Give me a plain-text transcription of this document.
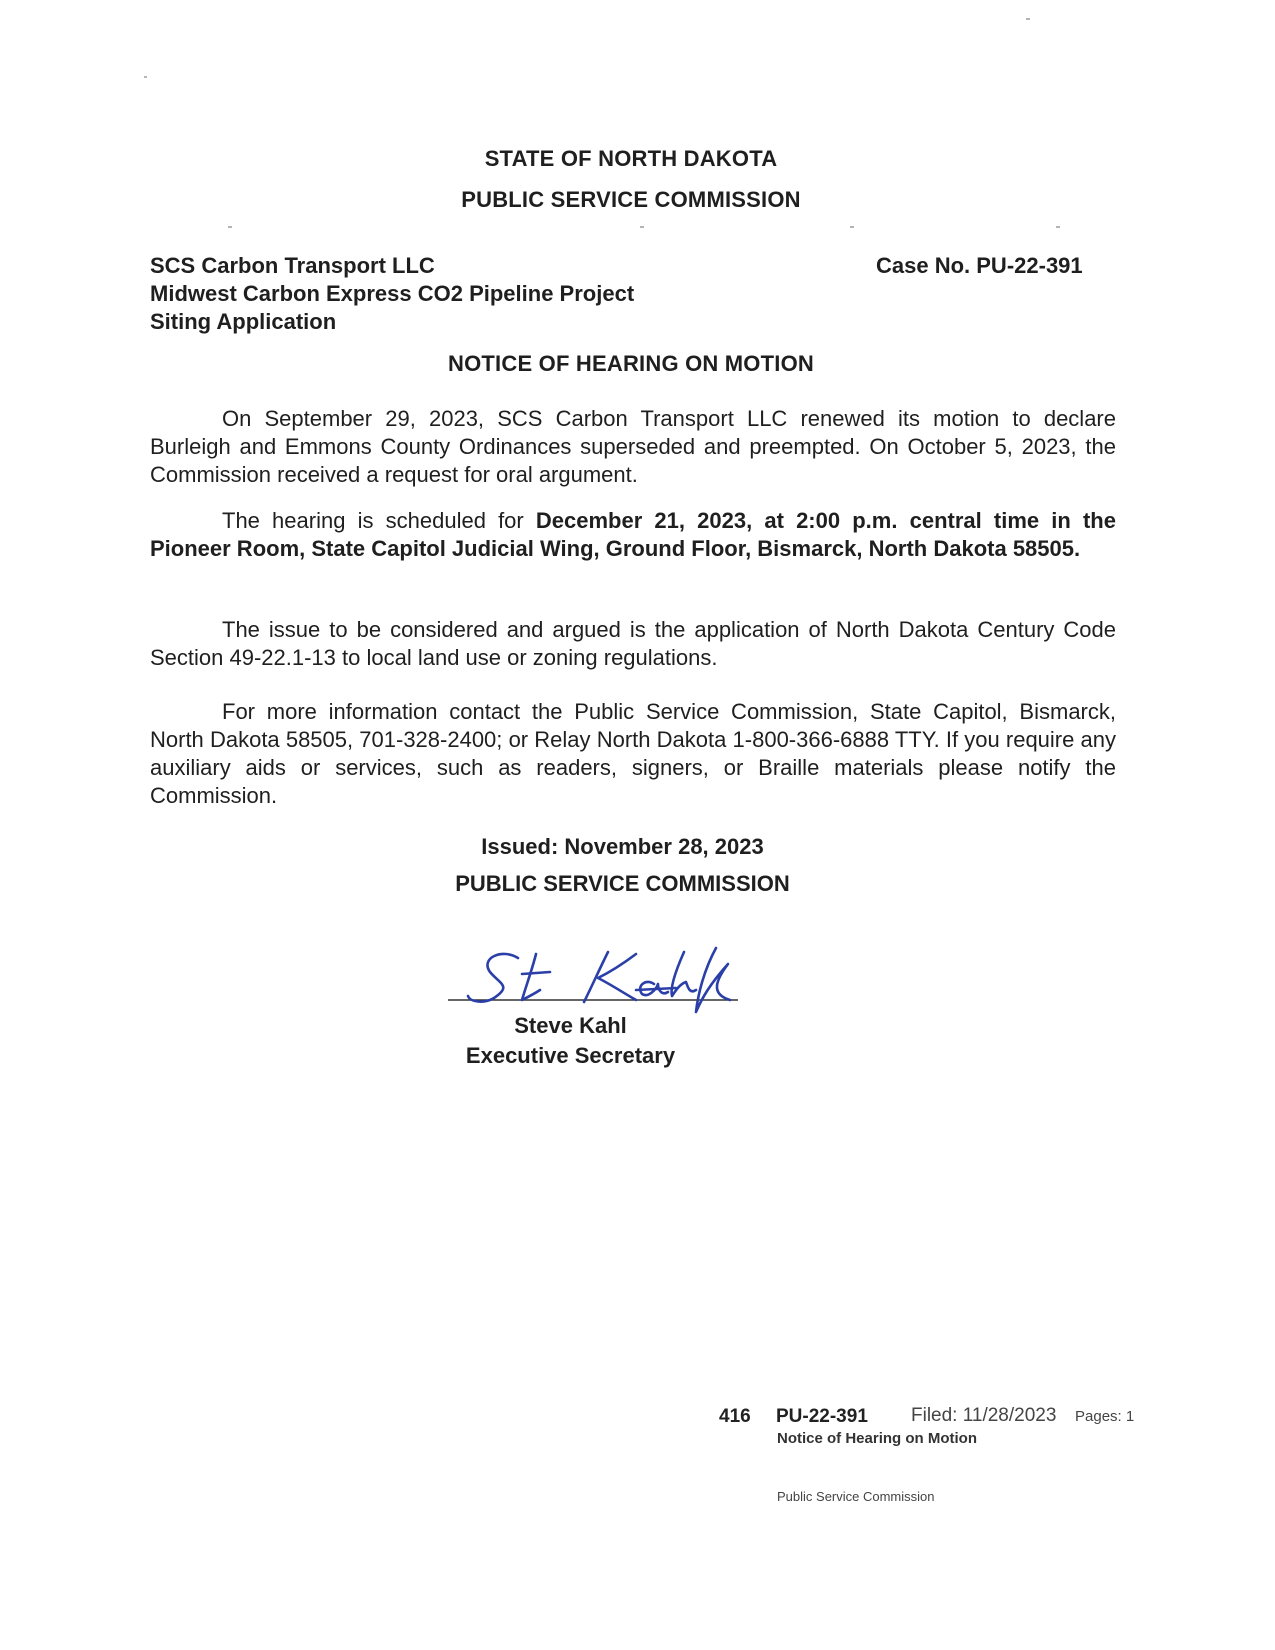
STATE OF NORTH DAKOTA
PUBLIC SERVICE COMMISSION
SCS Carbon Transport LLC
Midwest Carbon Express CO2 Pipeline Project
Siting Application
Case No. PU-22-391
NOTICE OF HEARING ON MOTION
On September 29, 2023, SCS Carbon Transport LLC renewed its motion to declare Burleigh and Emmons County Ordinances superseded and preempted. On October 5, 2023, the Commission received a request for oral argument.
The hearing is scheduled for December 21, 2023, at 2:00 p.m. central time in the Pioneer Room, State Capitol Judicial Wing, Ground Floor, Bismarck, North Dakota 58505.
The issue to be considered and argued is the application of North Dakota Century Code Section 49-22.1-13 to local land use or zoning regulations.
For more information contact the Public Service Commission, State Capitol, Bismarck, North Dakota 58505, 701-328-2400; or Relay North Dakota 1-800-366-6888 TTY. If you require any auxiliary aids or services, such as readers, signers, or Braille materials please notify the Commission.
Issued: November 28, 2023
PUBLIC SERVICE COMMISSION
Steve Kahl
Executive Secretary
416 PU-22-391 Filed: 11/28/2023 Pages: 1
Notice of Hearing on Motion
Public Service Commission
